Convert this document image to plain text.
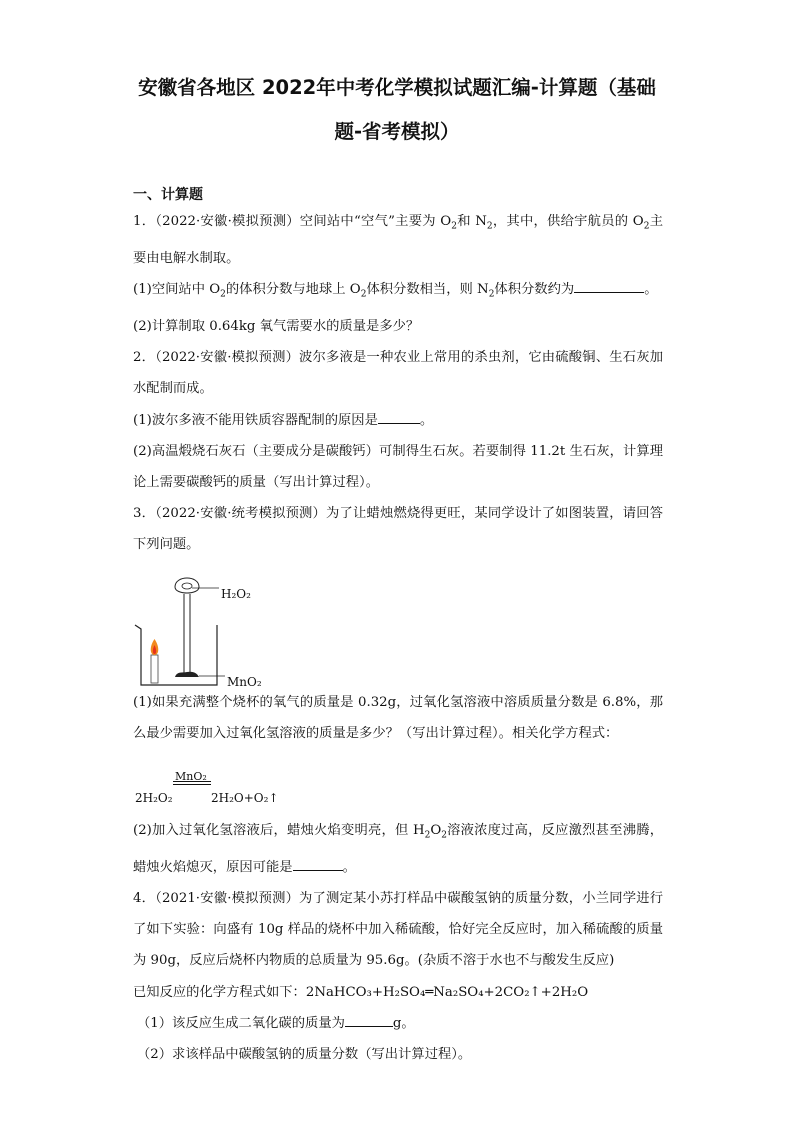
安徽省各地区 2022年中考化学模拟试题汇编-计算题（基础
题-省考模拟）

一、计算题

1．（2022·安徽·模拟预测）空间站中“空气”主要为 $O_2$和 $N_2$，其中，供给宇航员的 $O_2$主要由电解水制取。

(1)空间站中 $O_2$的体积分数与地球上 $O_2$体积分数相当，则 $N_2$体积分数约为	。

(2)计算制取 0.64kg 氧气需要水的质量是多少？

2．（2022·安徽·模拟预测）波尔多液是一种农业上常用的杀虫剂，它由硫酸铜、生石灰加水配制而成。

(1)波尔多液不能用铁质容器配制的原因是	。

(2)高温煅烧石灰石（主要成分是碳酸钙）可制得生石灰。若要制得 11.2t 生石灰，计算理论上需要碳酸钙的质量（写出计算过程）。

3．（2022·安徽·统考模拟预测）为了让蜡烛燃烧得更旺，某同学设计了如图装置，请回答下列问题。

H₂O₂
MnO₂

(1)如果充满整个烧杯的氧气的质量是 0.32g，过氧化氢溶液中溶质质量分数是 6.8%，那么最少需要加入过氧化氢溶液的质量是多少？（写出计算过程）。相关化学方程式：

2H₂O₂
MnO₂
2H₂O+O₂↑

(2)加入过氧化氢溶液后，蜡烛火焰变明亮，但 $H_2O_2$溶液浓度过高，反应激烈甚至沸腾，蜡烛火焰熄灭，原因可能是	。

4．（2021·安徽·模拟预测）为了测定某小苏打样品中碳酸氢钠的质量分数，小兰同学进行了如下实验：向盛有 10g 样品的烧杯中加入稀硫酸，恰好完全反应时，加入稀硫酸的质量为 90g，反应后烧杯内物质的总质量为 95.6g。(杂质不溶于水也不与酸发生反应)

已知反应的化学方程式如下：2NaHCO₃+H₂SO₄═Na₂SO₄+2CO₂↑+2H₂O

（1）该反应生成二氧化碳的质量为	g。

（2）求该样品中碳酸氢钠的质量分数（写出计算过程）。
